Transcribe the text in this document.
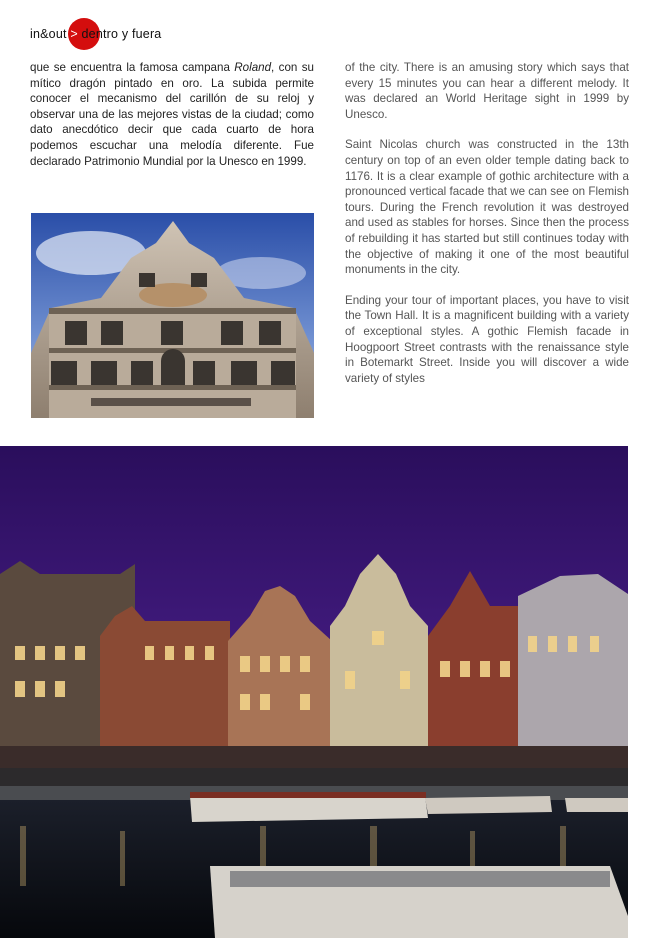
in&out > dentro y fuera

que se encuentra la famosa campana Roland, con su mítico dragón pintado en oro. La subida permite conocer el mecanismo del carillón de su reloj y observar una de las mejores vistas de la ciudad; como dato anecdótico decir que cada cuarto de hora podemos escuchar una melodía diferente. Fue declarado Patrimonio Mundial por la Unesco en 1999.

of the city. There is an amusing story which says that every 15 minutes you can hear a different melody. It was declared an World Heritage sight in 1999 by Unesco.

Saint Nicolas church was constructed in the 13th century on top of an even older temple dating back to 1176. It is a clear example of gothic architecture with a pronounced vertical facade that we can see on Flemish tours. During the French revolution it was destroyed and used as stables for horses. Since then the process of rebuilding it has started but still continues today with the objective of making it one of the most beautiful monuments in the city.

Ending your tour of important places, you have to visit the Town Hall. It is a magnificent building with a variety of exceptional styles. A gothic Flemish facade in Hoogpoort Street contrasts with the renaissance style in Botemarkt Street. Inside you will discover a wide variety of styles
